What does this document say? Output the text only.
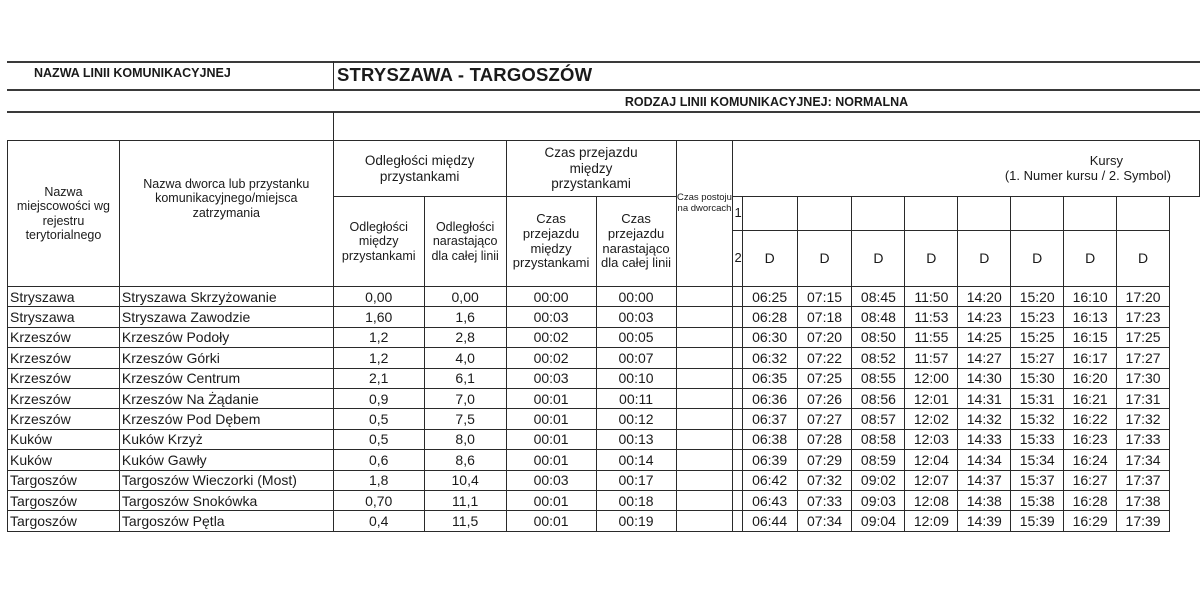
NAZWA LINII KOMUNIKACYJNEJ	STRYSZAWA - TARGOSZÓW
RODZAJ LINII KOMUNIKACYJNEJ: NORMALNA
Nazwa miejscowości wg rejestru terytorialnego	Nazwa dworca lub przystanku komunikacyjnego/miejsca zatrzymania	Odległości między przystankami		Czas przejazdu między przystankami		Czas postoju na dworcach	Kursy
(1. Numer kursu / 2. Symbol)									

		Odległości między przystankami	Odległości narastająco dla całej linii	Czas przejazdu między przystankami	Czas przejazdu narastająco dla całej linii		1									
							2	D	D	D	D	D	D	D	D	
Stryszawa	Stryszawa Skrzyżowanie	0,00	0,00	00:00	00:00			06:25	07:15	08:45	11:50	14:20	15:20	16:10	17:20	
Stryszawa	Stryszawa Zawodzie	1,60	1,6	00:03	00:03			06:28	07:18	08:48	11:53	14:23	15:23	16:13	17:23	
Krzeszów	Krzeszów Podoły	1,2	2,8	00:02	00:05			06:30	07:20	08:50	11:55	14:25	15:25	16:15	17:25	
Krzeszów	Krzeszów Górki	1,2	4,0	00:02	00:07			06:32	07:22	08:52	11:57	14:27	15:27	16:17	17:27	
Krzeszów	Krzeszów Centrum	2,1	6,1	00:03	00:10			06:35	07:25	08:55	12:00	14:30	15:30	16:20	17:30	
Krzeszów	Krzeszów Na Żądanie	0,9	7,0	00:01	00:11			06:36	07:26	08:56	12:01	14:31	15:31	16:21	17:31	
Krzeszów	Krzeszów Pod Dębem	0,5	7,5	00:01	00:12			06:37	07:27	08:57	12:02	14:32	15:32	16:22	17:32	
Kuków	Kuków Krzyż	0,5	8,0	00:01	00:13			06:38	07:28	08:58	12:03	14:33	15:33	16:23	17:33	
Kuków	Kuków Gawły	0,6	8,6	00:01	00:14			06:39	07:29	08:59	12:04	14:34	15:34	16:24	17:34	
Targoszów	Targoszów Wieczorki (Most)	1,8	10,4	00:03	00:17			06:42	07:32	09:02	12:07	14:37	15:37	16:27	17:37	
Targoszów	Targoszów Snokówka	0,70	11,1	00:01	00:18			06:43	07:33	09:03	12:08	14:38	15:38	16:28	17:38	
Targoszów	Targoszów Pętla	0,4	11,5	00:01	00:19			06:44	07:34	09:04	12:09	14:39	15:39	16:29	17:39	
